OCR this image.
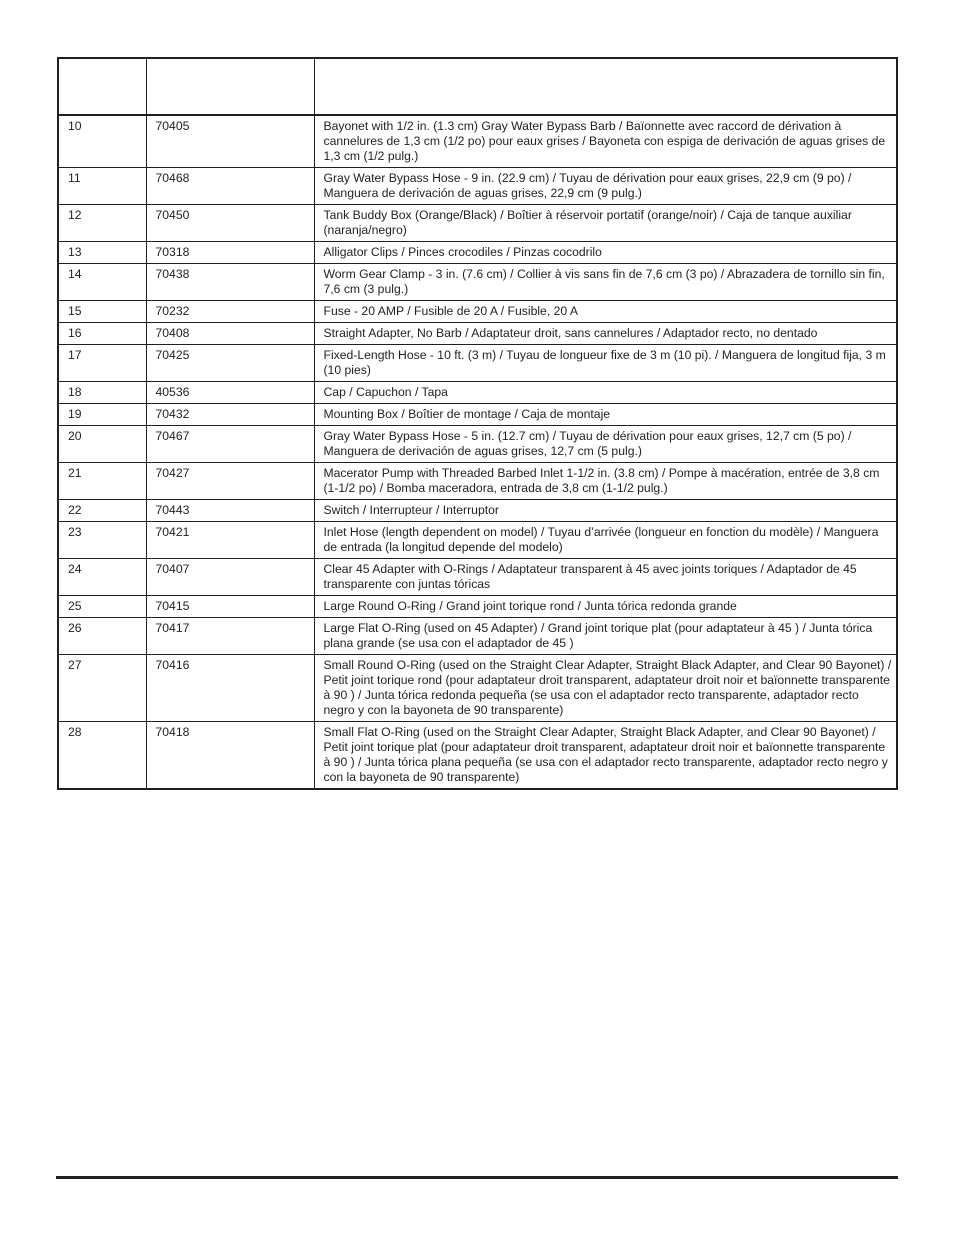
10	70405	Bayonet with 1/2 in. (1.3 cm) Gray Water Bypass Barb / Baïonnette avec raccord de dérivation à cannelures de 1,3 cm (1/2 po) pour eaux grises / Bayoneta con espiga de derivación de aguas grises de 1,3 cm (1/2 pulg.)
11	70468	Gray Water Bypass Hose - 9 in. (22.9 cm) / Tuyau de dérivation pour eaux grises, 22,9 cm (9 po) / Manguera de derivación de aguas grises, 22,9 cm (9 pulg.)
12	70450	Tank Buddy Box (Orange/Black) / Boîtier à réservoir portatif (orange/noir) / Caja de tanque auxiliar (naranja/negro)
13	70318	Alligator Clips / Pinces crocodiles / Pinzas cocodrilo
14	70438	Worm Gear Clamp - 3 in. (7.6 cm) / Collier à vis sans fin de 7,6 cm (3 po) / Abrazadera de tornillo sin fin, 7,6 cm (3 pulg.)
15	70232	Fuse - 20 AMP / Fusible de 20 A / Fusible, 20 A
16	70408	Straight Adapter, No Barb / Adaptateur droit, sans cannelures / Adaptador recto, no dentado
17	70425	Fixed-Length Hose - 10 ft. (3 m) / Tuyau de longueur fixe de 3 m (10 pi). / Manguera de longitud fija, 3 m (10 pies)
18	40536	Cap / Capuchon / Tapa
19	70432	Mounting Box / Boîtier de montage / Caja de montaje
20	70467	Gray Water Bypass Hose - 5 in. (12.7 cm) / Tuyau de dérivation pour eaux grises, 12,7 cm (5 po) / Manguera de derivación de aguas grises, 12,7 cm (5 pulg.)
21	70427	Macerator Pump with Threaded Barbed Inlet 1-1/2 in. (3.8 cm) / Pompe à macération, entrée de 3,8 cm (1-1/2 po) / Bomba maceradora, entrada de 3,8 cm (1-1/2 pulg.)
22	70443	Switch / Interrupteur / Interruptor
23	70421	Inlet Hose (length dependent on model) / Tuyau d’arrivée (longueur en fonction du modèle) / Manguera de entrada (la longitud depende del modelo)
24	70407	Clear 45 Adapter with O-Rings / Adaptateur transparent à 45 avec joints toriques / Adaptador de 45 transparente con juntas tóricas
25	70415	Large Round O-Ring / Grand joint torique rond / Junta tórica redonda grande
26	70417	Large Flat O-Ring (used on 45 Adapter) / Grand joint torique plat (pour adaptateur à 45 ) / Junta tórica plana grande (se usa con el adaptador de 45 )
27	70416	Small Round O-Ring (used on the Straight Clear Adapter, Straight Black Adapter, and Clear 90 Bayonet) / Petit joint torique rond (pour adaptateur droit transparent, adaptateur droit noir et baïonnette transparente à 90 ) / Junta tórica redonda pequeña (se usa con el adaptador recto transparente, adaptador recto negro y con la bayoneta de 90 transparente)
28	70418	Small Flat O-Ring (used on the Straight Clear Adapter, Straight Black Adapter, and Clear 90 Bayonet) / Petit joint torique plat (pour adaptateur droit transparent, adaptateur droit noir et baïonnette transparente à 90 ) / Junta tórica plana pequeña (se usa con el adaptador recto transparente, adaptador recto negro y con la bayoneta de 90 transparente)
